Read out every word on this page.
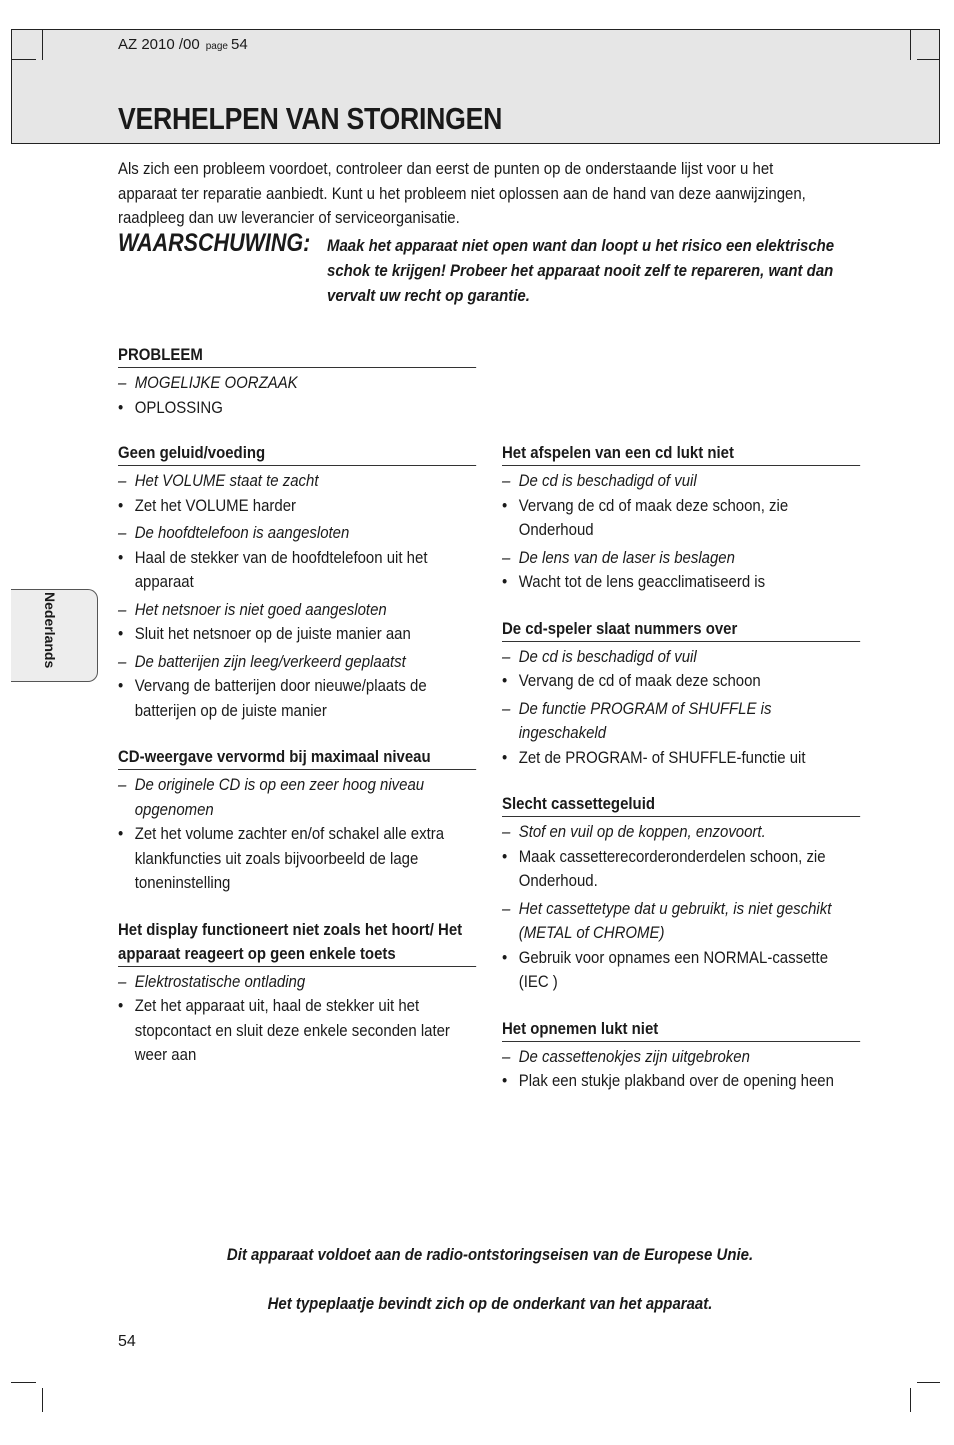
AZ 2010 /00 page 54
VERHELPEN VAN STORINGEN
Als zich een probleem voordoet, controleer dan eerst de punten op de onderstaande lijst voor u het apparaat ter reparatie aanbiedt. Kunt u het probleem niet oplossen aan de hand van deze aanwijzingen, raadpleeg dan uw leverancier of serviceorganisatie.
WAARSCHUWING: Maak het apparaat niet open want dan loopt u het risico een elektrische schok te krijgen! Probeer het apparaat nooit zelf te repareren, want dan vervalt uw recht op garantie.
PROBLEEM
– MOGELIJKE OORZAAK
• OPLOSSING
Nederlands
Geen geluid/voeding
– Het VOLUME staat te zacht
• Zet het VOLUME harder
– De hoofdtelefoon is aangesloten
• Haal de stekker van de hoofdtelefoon uit het apparaat
– Het netsnoer is niet goed aangesloten
• Sluit het netsnoer op de juiste manier aan
– De batterijen zijn leeg/verkeerd geplaatst
• Vervang de batterijen door nieuwe/plaats de batterijen op de juiste manier
CD-weergave vervormd bij maximaal niveau
– De originele CD is op een zeer hoog niveau opgenomen
• Zet het volume zachter en/of schakel alle extra klankfuncties uit zoals bijvoorbeeld de lage toneninstelling
Het display functioneert niet zoals het hoort/ Het apparaat reageert op geen enkele toets
– Elektrostatische ontlading
• Zet het apparaat uit, haal de stekker uit het stopcontact en sluit deze enkele seconden later weer aan
Het afspelen van een cd lukt niet
– De cd is beschadigd of vuil
• Vervang de cd of maak deze schoon, zie Onderhoud
– De lens van de laser is beslagen
• Wacht tot de lens geacclimatiseerd is
De cd-speler slaat nummers over
– De cd is beschadigd of vuil
• Vervang de cd of maak deze schoon
– De functie PROGRAM of SHUFFLE is ingeschakeld
• Zet de PROGRAM- of SHUFFLE-functie uit
Slecht cassettegeluid
– Stof en vuil op de koppen, enzovoort.
• Maak cassetterecorderonderdelen schoon, zie Onderhoud.
– Het cassettetype dat u gebruikt, is niet geschikt (METAL of CHROME)
• Gebruik voor opnames een NORMAL-cassette (IEC )
Het opnemen lukt niet
– De cassettenokjes zijn uitgebroken
• Plak een stukje plakband over de opening heen
Dit apparaat voldoet aan de radio-ontstoringseisen van de Europese Unie.
Het typeplaatje bevindt zich op de onderkant van het apparaat.
54
